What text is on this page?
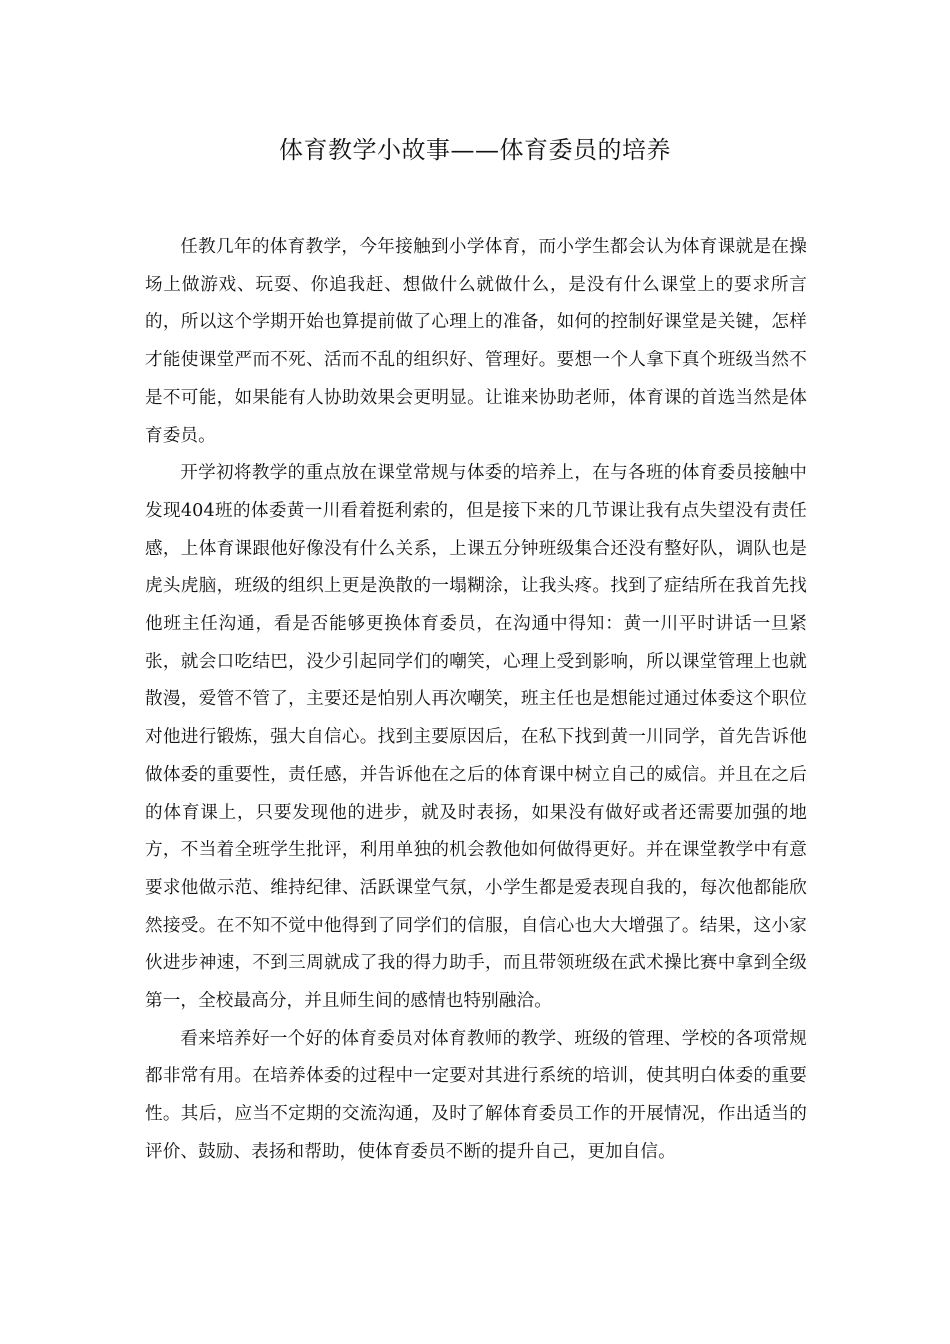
体育教学小故事——体育委员的培养

任教几年的体育教学，今年接触到小学体育，而小学生都会认为体育课就是在操场上做游戏、玩耍、你追我赶、想做什么就做什么，是没有什么课堂上的要求所言的，所以这个学期开始也算提前做了心理上的准备，如何的控制好课堂是关键，怎样才能使课堂严而不死、活而不乱的组织好、管理好。要想一个人拿下真个班级当然不是不可能，如果能有人协助效果会更明显。让谁来协助老师，体育课的首选当然是体育委员。

开学初将教学的重点放在课堂常规与体委的培养上，在与各班的体育委员接触中发现404班的体委黄一川看着挺利索的，但是接下来的几节课让我有点失望没有责任感，上体育课跟他好像没有什么关系，上课五分钟班级集合还没有整好队，调队也是虎头虎脑，班级的组织上更是涣散的一塌糊涂，让我头疼。找到了症结所在我首先找他班主任沟通，看是否能够更换体育委员，在沟通中得知：黄一川平时讲话一旦紧张，就会口吃结巴，没少引起同学们的嘲笑，心理上受到影响，所以课堂管理上也就散漫，爱管不管了，主要还是怕别人再次嘲笑，班主任也是想能过通过体委这个职位对他进行锻炼，强大自信心。找到主要原因后，在私下找到黄一川同学，首先告诉他做体委的重要性，责任感，并告诉他在之后的体育课中树立自己的威信。并且在之后的体育课上，只要发现他的进步，就及时表扬，如果没有做好或者还需要加强的地方，不当着全班学生批评，利用单独的机会教他如何做得更好。并在课堂教学中有意要求他做示范、维持纪律、活跃课堂气氛，小学生都是爱表现自我的，每次他都能欣然接受。在不知不觉中他得到了同学们的信服，自信心也大大增强了。结果，这小家伙进步神速，不到三周就成了我的得力助手，而且带领班级在武术操比赛中拿到全级第一，全校最高分，并且师生间的感情也特别融洽。

看来培养好一个好的体育委员对体育教师的教学、班级的管理、学校的各项常规都非常有用。在培养体委的过程中一定要对其进行系统的培训，使其明白体委的重要性。其后，应当不定期的交流沟通，及时了解体育委员工作的开展情况，作出适当的评价、鼓励、表扬和帮助，使体育委员不断的提升自己，更加自信。
